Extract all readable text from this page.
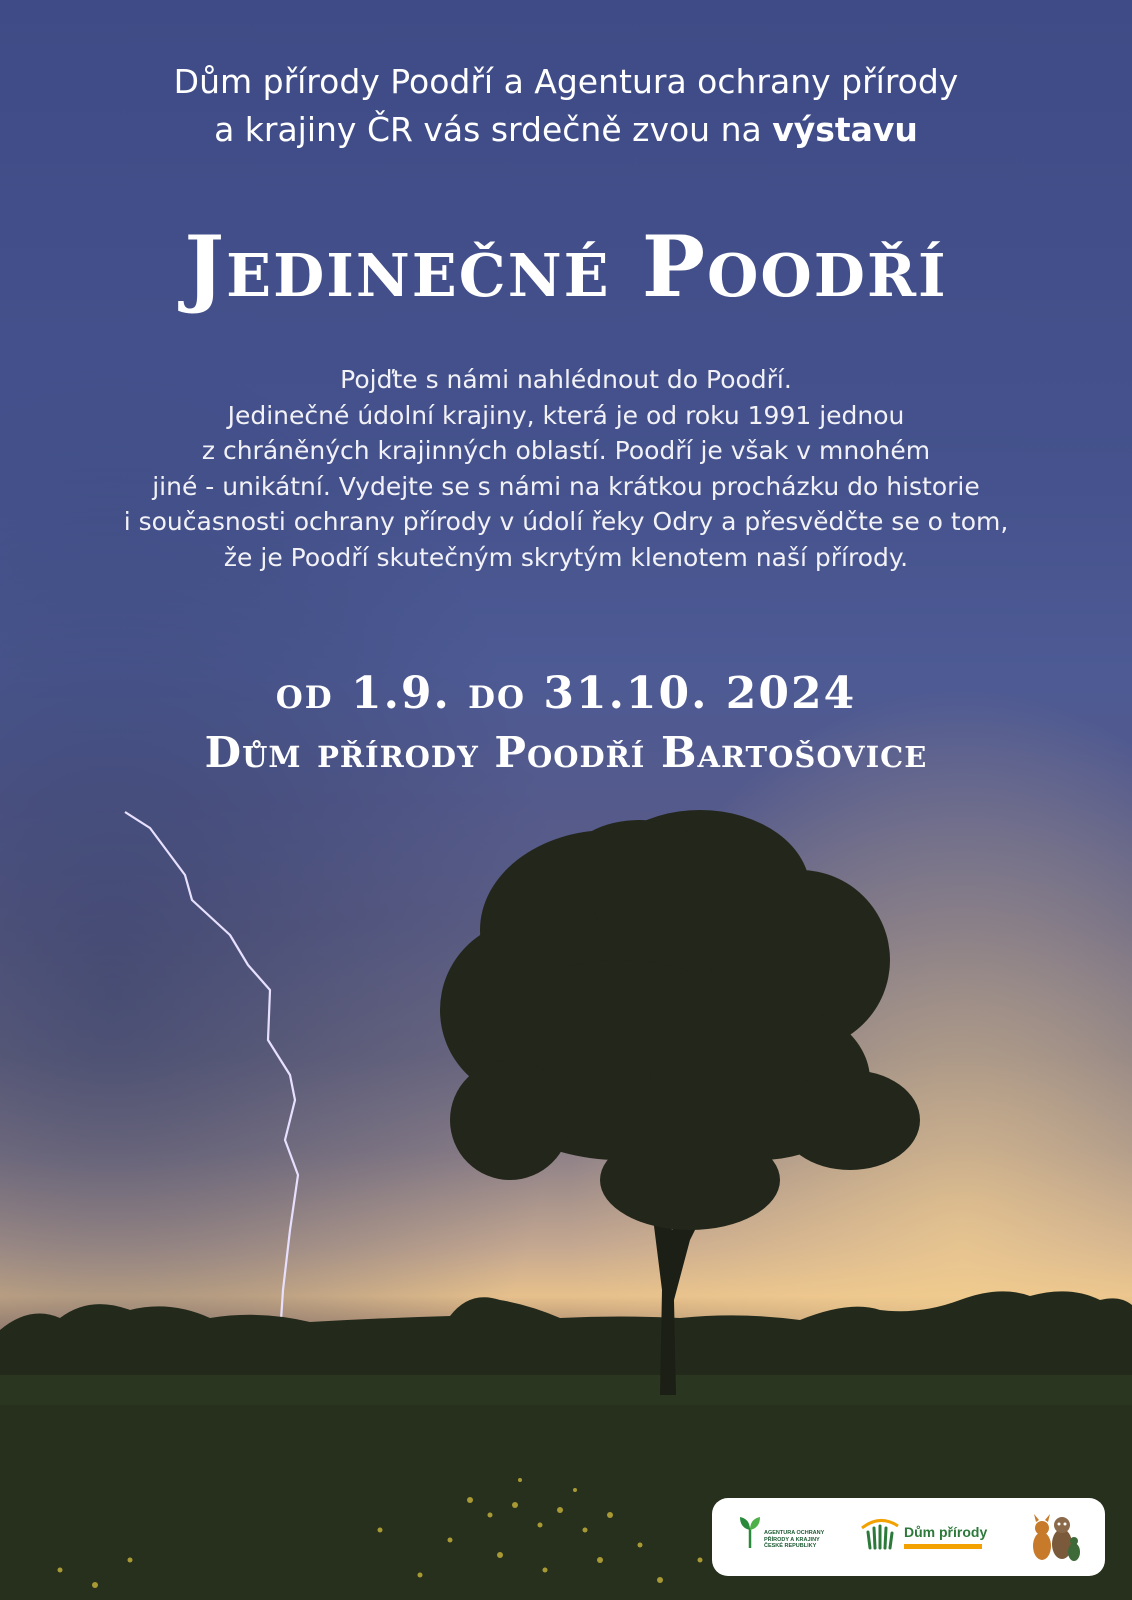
Dům přírody Poodří a Agentura ochrany přírody
a krajiny ČR vás srdečně zvou na výstavu
Jedinečné Poodří
Pojďte s námi nahlédnout do Poodří.
Jedinečné údolní krajiny, která je od roku 1991 jednou
z chráněných krajinných oblastí. Poodří je však v mnohém
jiné - unikátní. Vydejte se s námi na krátkou procházku do historie
i současnosti ochrany přírody v údolí řeky Odry a přesvědčte se o tom,
že je Poodří skutečným skrytým klenotem naší přírody.
od 1.9. do 31.10. 2024
Dům přírody Poodří Bartošovice
AGENTURA OCHRANY
PŘÍRODY A KRAJINY
ČESKÉ REPUBLIKY
Dům přírody
